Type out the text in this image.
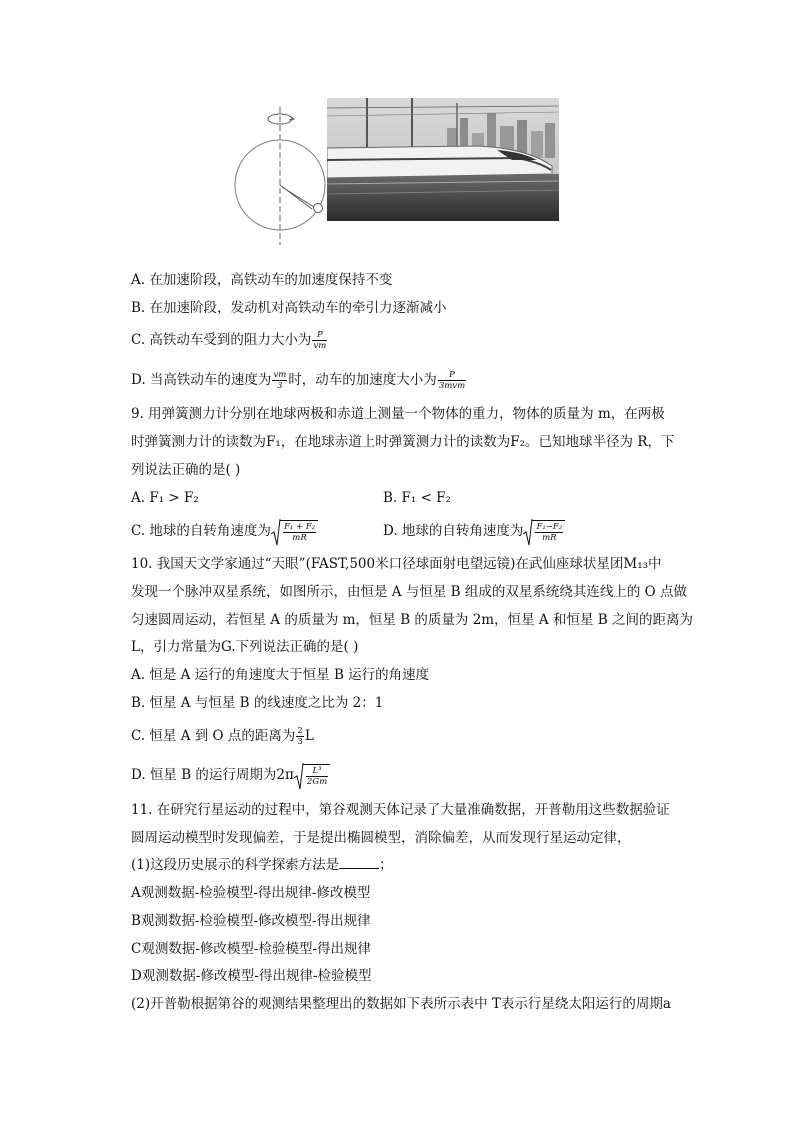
A. 在加速阶段，高铁动车的加速度保持不变
B. 在加速阶段，发动机对高铁动车的牵引力逐渐减小
C. 高铁动车受到的阻力大小为 $\frac{P}{vm}$
D. 当高铁动车的速度为 $\frac{vm}{3}$ 时，动车的加速度大小为 $\frac{P}{\text{3mvm}}$
9. 用弹簧测力计分别在地球两极和赤道上测量一个物体的重力，物体的质量为 m，在两极
时弹簧测力计的读数为F₁，在地球赤道上时弹簧测力计的读数为F₂。已知地球半径为 R，下
列说法正确的是( )
A. F₁ > F₂	B. F₁ < F₂
C. 地球的自转角速度为 $\frac{\text{F₁ + F₂}}{mR}$	D. 地球的自转角速度为 $\frac{\text{F₁−F₂}}{mR}$
10. 我国天文学家通过“天眼”(FAST,500米口径球面射电望远镜)在武仙座球状星团M₁₃中
发现一个脉冲双星系统，如图所示，由恒是 A 与恒星 B 组成的双星系统绕其连线上的 O 点做
匀速圆周运动，若恒星 A 的质量为 m，恒星 B 的质量为 2m，恒星 A 和恒星 B 之间的距离为
L，引力常量为G.下列说法正确的是( )
A. 恒是 A 运行的角速度大于恒星 B 运行的角速度
B. 恒星 A 与恒星 B 的线速度之比为 2：1
C. 恒星 A 到 O 点的距离为 $\frac{2}{3}$ L
D. 恒星 B 的运行周期为$2\pi \frac{\text{L³}}{2Gm}$
11. 在研究行星运动的过程中，第谷观测天体记录了大量准确数据，开普勒用这些数据验证
圆周运动模型时发现偏差，于是提出椭圆模型，消除偏差，从而发现行星运动定律，
(1)这段历史展示的科学探索方法是	；
A观测数据-检验模型-得出规律-修改模型
B观测数据-检验模型-修改模型-得出规律
C观测数据-修改模型-检验模型-得出规律
D观测数据-修改模型-得出规律-检验模型
(2)开普勒根据第谷的观测结果整理出的数据如下表所示表中 T表示行星绕太阳运行的周期a
